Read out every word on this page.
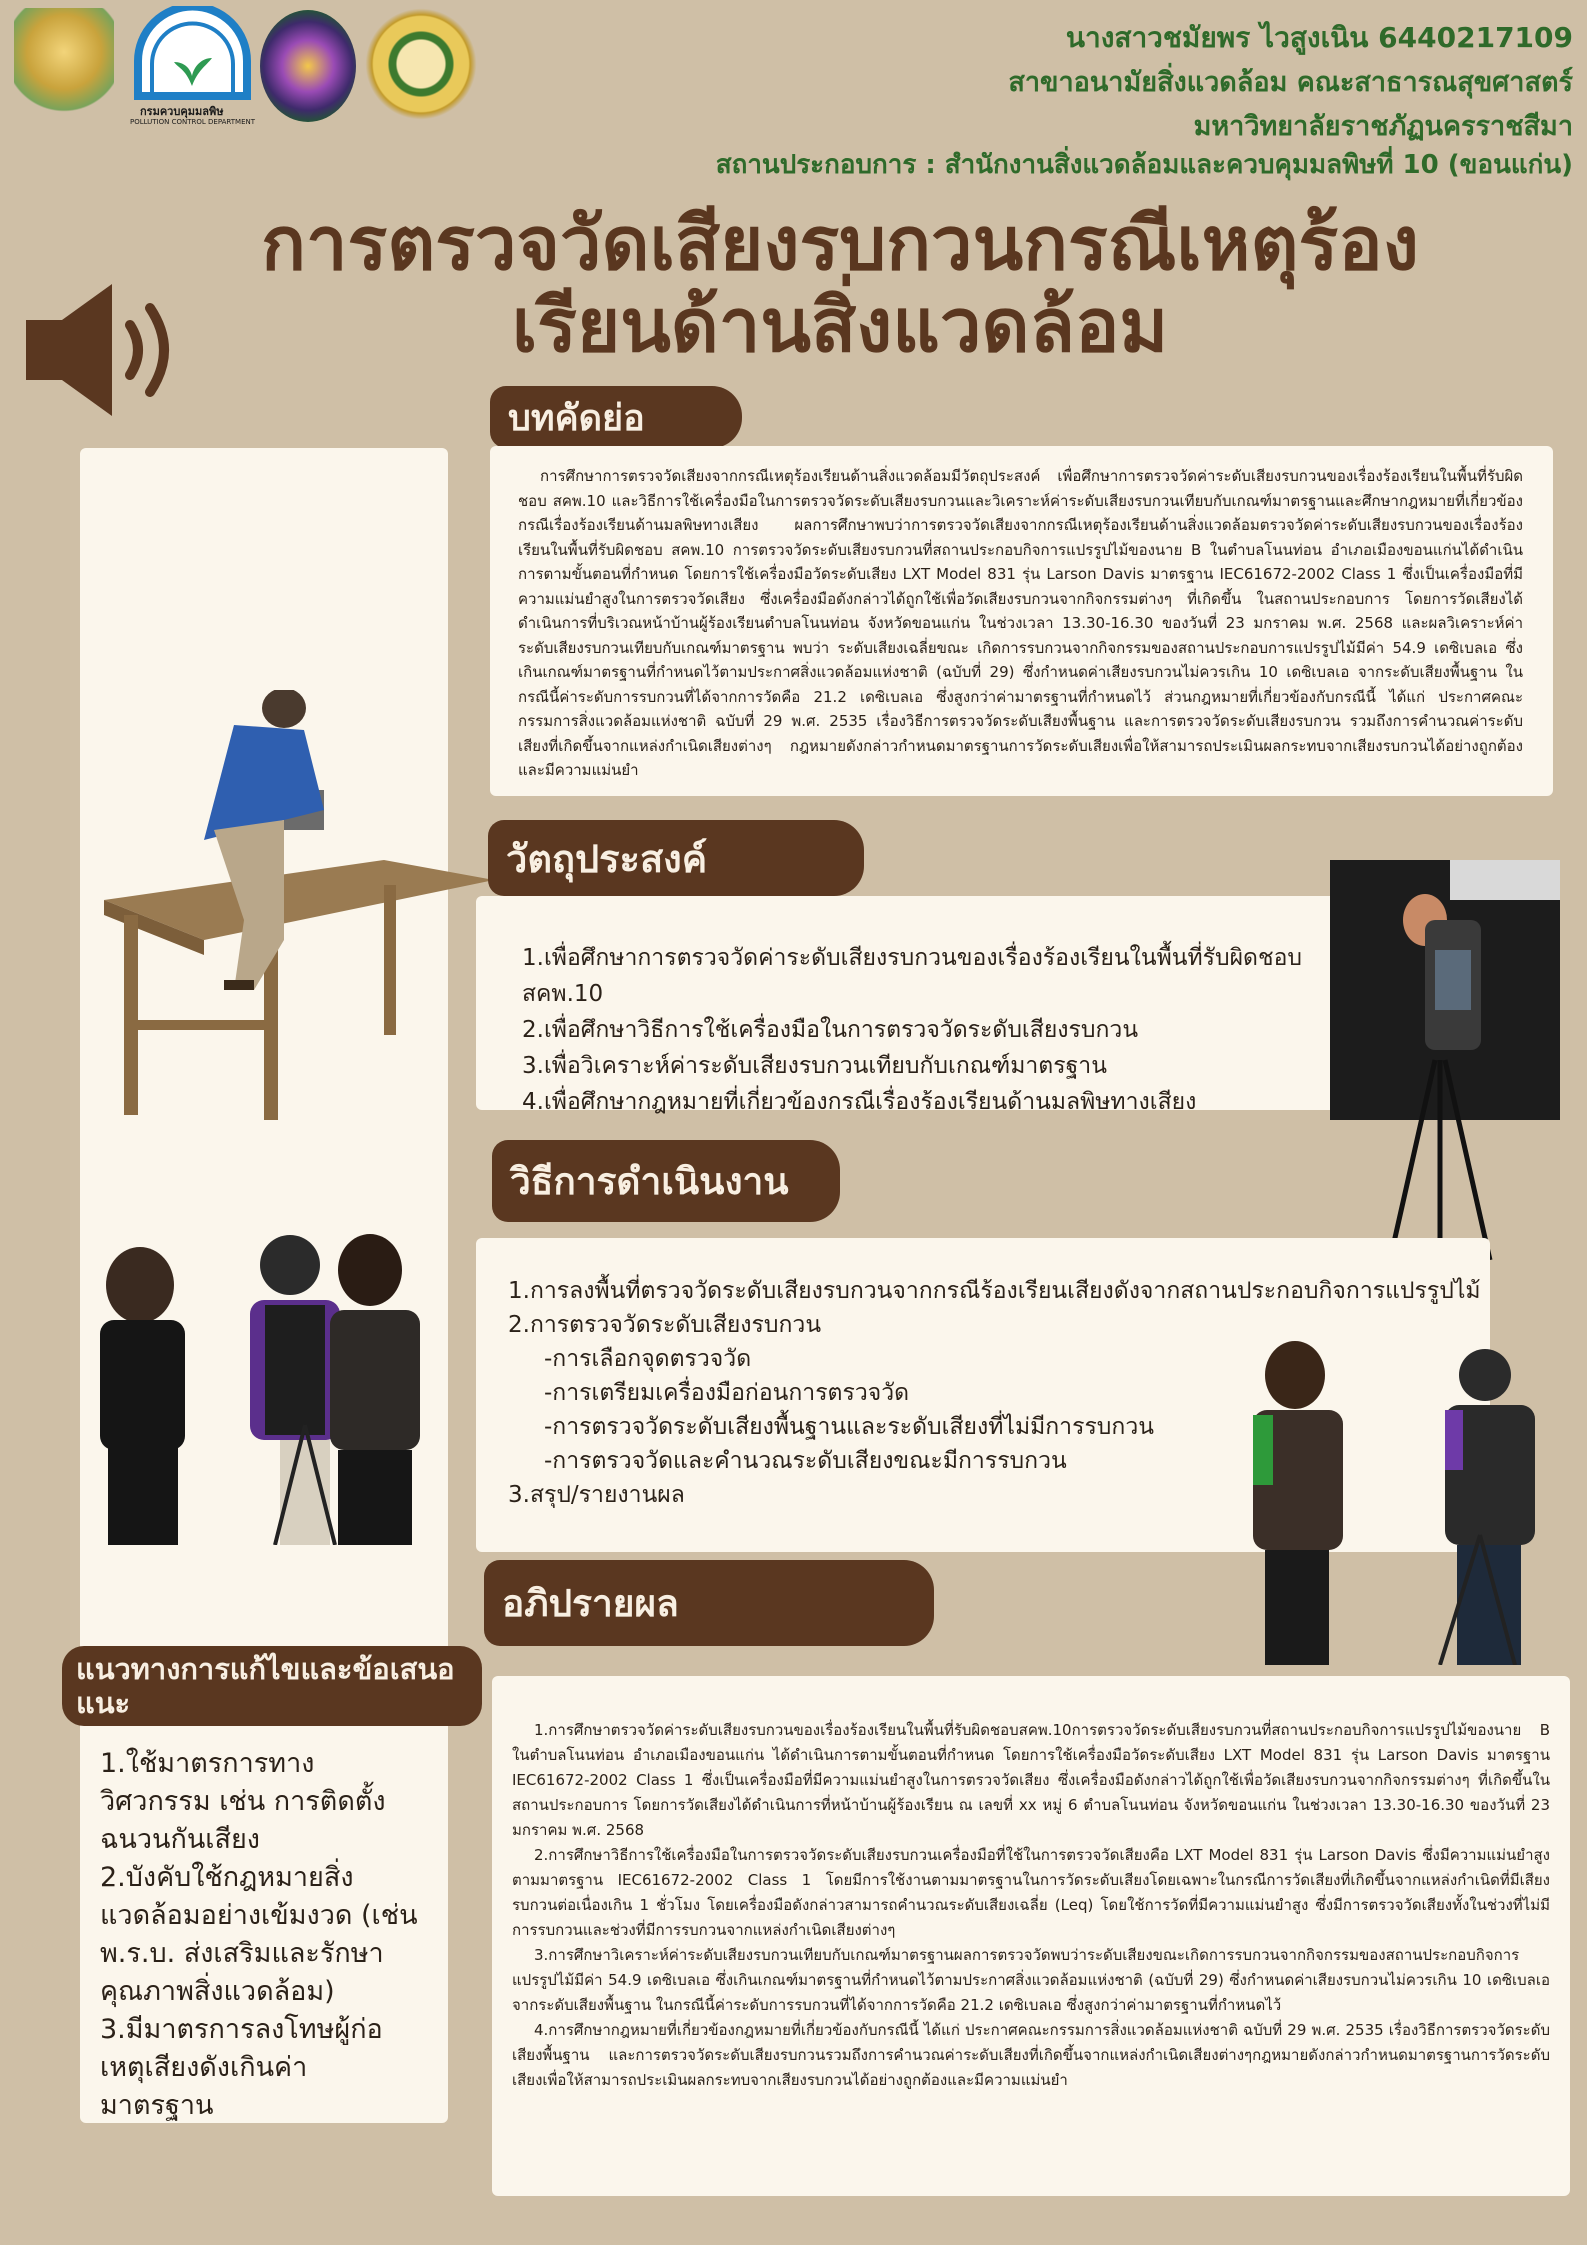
กรมควบคุมมลพิษ
POLLUTION CONTROL DEPARTMENT
นางสาวชมัยพร ไวสูงเนิน 6440217109
สาขาอนามัยสิ่งแวดล้อม คณะสาธารณสุขศาสตร์
มหาวิทยาลัยราชภัฏนครราชสีมา
สถานประกอบการ : สำนักงานสิ่งแวดล้อมและควบคุมมลพิษที่ 10 (ขอนแก่น)
การตรวจวัดเสียงรบกวนกรณีเหตุร้อง
เรียนด้านสิ่งแวดล้อม
แนวทางการแก้ไขและข้อเสนอแนะ
1.ใช้มาตรการทางวิศวกรรม เช่น การติดตั้งฉนวนกันเสียง
2.บังคับใช้กฎหมายสิ่งแวดล้อมอย่างเข้มงวด (เช่น พ.ร.บ. ส่งเสริมและรักษาคุณภาพสิ่งแวดล้อม)
3.มีมาตรการลงโทษผู้ก่อเหตุเสียงดังเกินค่ามาตรฐาน
บทคัดย่อ

การศึกษาการตรวจวัดเสียงจากกรณีเหตุร้องเรียนด้านสิ่งแวดล้อมมีวัตถุประสงค์ เพื่อศึกษาการตรวจวัดค่าระดับเสียงรบกวนของเรื่องร้องเรียนในพื้นที่รับผิดชอบ สคพ.10 และวิธีการใช้เครื่องมือในการตรวจวัดระดับเสียงรบกวนและวิเคราะห์ค่าระดับเสียงรบกวนเทียบกับเกณฑ์มาตรฐานและศึกษากฎหมายที่เกี่ยวข้องกรณีเรื่องร้องเรียนด้านมลพิษทางเสียง ผลการศึกษาพบว่าการตรวจวัดเสียงจากกรณีเหตุร้องเรียนด้านสิ่งแวดล้อมตรวจวัดค่าระดับเสียงรบกวนของเรื่องร้องเรียนในพื้นที่รับผิดชอบ สคพ.10 การตรวจวัดระดับเสียงรบกวนที่สถานประกอบกิจการแปรรูปไม้ของนาย B ในตำบลโนนท่อน อำเภอเมืองขอนแก่นได้ดำเนินการตามขั้นตอนที่กำหนด โดยการใช้เครื่องมือวัดระดับเสียง LXT Model 831 รุ่น Larson Davis มาตรฐาน IEC61672-2002 Class 1 ซึ่งเป็นเครื่องมือที่มีความแม่นยำสูงในการตรวจวัดเสียง ซึ่งเครื่องมือดังกล่าวได้ถูกใช้เพื่อวัดเสียงรบกวนจากกิจกรรมต่างๆ ที่เกิดขึ้น ในสถานประกอบการ โดยการวัดเสียงได้ดำเนินการที่บริเวณหน้าบ้านผู้ร้องเรียนตำบลโนนท่อน จังหวัดขอนแก่น ในช่วงเวลา 13.30-16.30 ของวันที่ 23 มกราคม พ.ศ. 2568 และผลวิเคราะห์ค่าระดับเสียงรบกวนเทียบกับเกณฑ์มาตรฐาน พบว่า ระดับเสียงเฉลี่ยขณะ เกิดการรบกวนจากกิจกรรมของสถานประกอบการแปรรูปไม้มีค่า 54.9 เดซิเบลเอ ซึ่งเกินเกณฑ์มาตรฐานที่กำหนดไว้ตามประกาศสิ่งแวดล้อมแห่งชาติ (ฉบับที่ 29) ซึ่งกำหนดค่าเสียงรบกวนไม่ควรเกิน 10 เดซิเบลเอ จากระดับเสียงพื้นฐาน ในกรณีนี้ค่าระดับการรบกวนที่ได้จากการวัดคือ 21.2 เดซิเบลเอ ซึ่งสูงกว่าค่ามาตรฐานที่กำหนดไว้ ส่วนกฎหมายที่เกี่ยวข้องกับกรณีนี้ ได้แก่ ประกาศคณะกรรมการสิ่งแวดล้อมแห่งชาติ ฉบับที่ 29 พ.ศ. 2535 เรื่องวิธีการตรวจวัดระดับเสียงพื้นฐาน และการตรวจวัดระดับเสียงรบกวน รวมถึงการคำนวณค่าระดับเสียงที่เกิดขึ้นจากแหล่งกำเนิดเสียงต่างๆ กฎหมายดังกล่าวกำหนดมาตรฐานการวัดระดับเสียงเพื่อให้สามารถประเมินผลกระทบจากเสียงรบกวนได้อย่างถูกต้องและมีความแม่นยำ

วัตถุประสงค์
1.เพื่อศึกษาการตรวจวัดค่าระดับเสียงรบกวนของเรื่องร้องเรียนในพื้นที่รับผิดชอบ สคพ.10
2.เพื่อศึกษาวิธีการใช้เครื่องมือในการตรวจวัดระดับเสียงรบกวน
3.เพื่อวิเคราะห์ค่าระดับเสียงรบกวนเทียบกับเกณฑ์มาตรฐาน
4.เพื่อศึกษากฎหมายที่เกี่ยวข้องกรณีเรื่องร้องเรียนด้านมลพิษทางเสียง
วิธีการดำเนินงาน
1.การลงพื้นที่ตรวจวัดระดับเสียงรบกวนจากกรณีร้องเรียนเสียงดังจากสถานประกอบกิจการแปรรูปไม้
2.การตรวจวัดระดับเสียงรบกวน
-การเลือกจุดตรวจวัด
-การเตรียมเครื่องมือก่อนการตรวจวัด
-การตรวจวัดระดับเสียงพื้นฐานและระดับเสียงที่ไม่มีการรบกวน
-การตรวจวัดและคำนวณระดับเสียงขณะมีการรบกวน
3.สรุป/รายงานผล
อภิปรายผล

1.การศึกษาตรวจวัดค่าระดับเสียงรบกวนของเรื่องร้องเรียนในพื้นที่รับผิดชอบสคพ.10การตรวจวัดระดับเสียงรบกวนที่สถานประกอบกิจการแปรรูปไม้ของนาย B ในตำบลโนนท่อน อำเภอเมืองขอนแก่น ได้ดำเนินการตามขั้นตอนที่กำหนด โดยการใช้เครื่องมือวัดระดับเสียง LXT Model 831 รุ่น Larson Davis มาตรฐาน IEC61672-2002 Class 1 ซึ่งเป็นเครื่องมือที่มีความแม่นยำสูงในการตรวจวัดเสียง ซึ่งเครื่องมือดังกล่าวได้ถูกใช้เพื่อวัดเสียงรบกวนจากกิจกรรมต่างๆ ที่เกิดขึ้นในสถานประกอบการ โดยการวัดเสียงได้ดำเนินการที่หน้าบ้านผู้ร้องเรียน ณ เลขที่ xx หมู่ 6 ตำบลโนนท่อน จังหวัดขอนแก่น ในช่วงเวลา 13.30-16.30 ของวันที่ 23 มกราคม พ.ศ. 2568

2.การศึกษาวิธีการใช้เครื่องมือในการตรวจวัดระดับเสียงรบกวนเครื่องมือที่ใช้ในการตรวจวัดเสียงคือ LXT Model 831 รุ่น Larson Davis ซึ่งมีความแม่นยำสูงตามมาตรฐาน IEC61672-2002 Class 1 โดยมีการใช้งานตามมาตรฐานในการวัดระดับเสียงโดยเฉพาะในกรณีการวัดเสียงที่เกิดขึ้นจากแหล่งกำเนิดที่มีเสียงรบกวนต่อเนื่องเกิน 1 ชั่วโมง โดยเครื่องมือดังกล่าวสามารถคำนวณระดับเสียงเฉลี่ย (Leq) โดยใช้การวัดที่มีความแม่นยำสูง ซึ่งมีการตรวจวัดเสียงทั้งในช่วงที่ไม่มีการรบกวนและช่วงที่มีการรบกวนจากแหล่งกำเนิดเสียงต่างๆ

3.การศึกษาวิเคราะห์ค่าระดับเสียงรบกวนเทียบกับเกณฑ์มาตรฐานผลการตรวจวัดพบว่าระดับเสียงขณะเกิดการรบกวนจากกิจกรรมของสถานประกอบกิจการแปรรูปไม้มีค่า 54.9 เดซิเบลเอ ซึ่งเกินเกณฑ์มาตรฐานที่กำหนดไว้ตามประกาศสิ่งแวดล้อมแห่งชาติ (ฉบับที่ 29) ซึ่งกำหนดค่าเสียงรบกวนไม่ควรเกิน 10 เดซิเบลเอ จากระดับเสียงพื้นฐาน ในกรณีนี้ค่าระดับการรบกวนที่ได้จากการวัดคือ 21.2 เดซิเบลเอ ซึ่งสูงกว่าค่ามาตรฐานที่กำหนดไว้

4.การศึกษากฎหมายที่เกี่ยวข้องกฎหมายที่เกี่ยวข้องกับกรณีนี้ ได้แก่ ประกาศคณะกรรมการสิ่งแวดล้อมแห่งชาติ ฉบับที่ 29 พ.ศ. 2535 เรื่องวิธีการตรวจวัดระดับเสียงพื้นฐาน และการตรวจวัดระดับเสียงรบกวนรวมถึงการคำนวณค่าระดับเสียงที่เกิดขึ้นจากแหล่งกำเนิดเสียงต่างๆกฎหมายดังกล่าวกำหนดมาตรฐานการวัดระดับเสียงเพื่อให้สามารถประเมินผลกระทบจากเสียงรบกวนได้อย่างถูกต้องและมีความแม่นยำ
